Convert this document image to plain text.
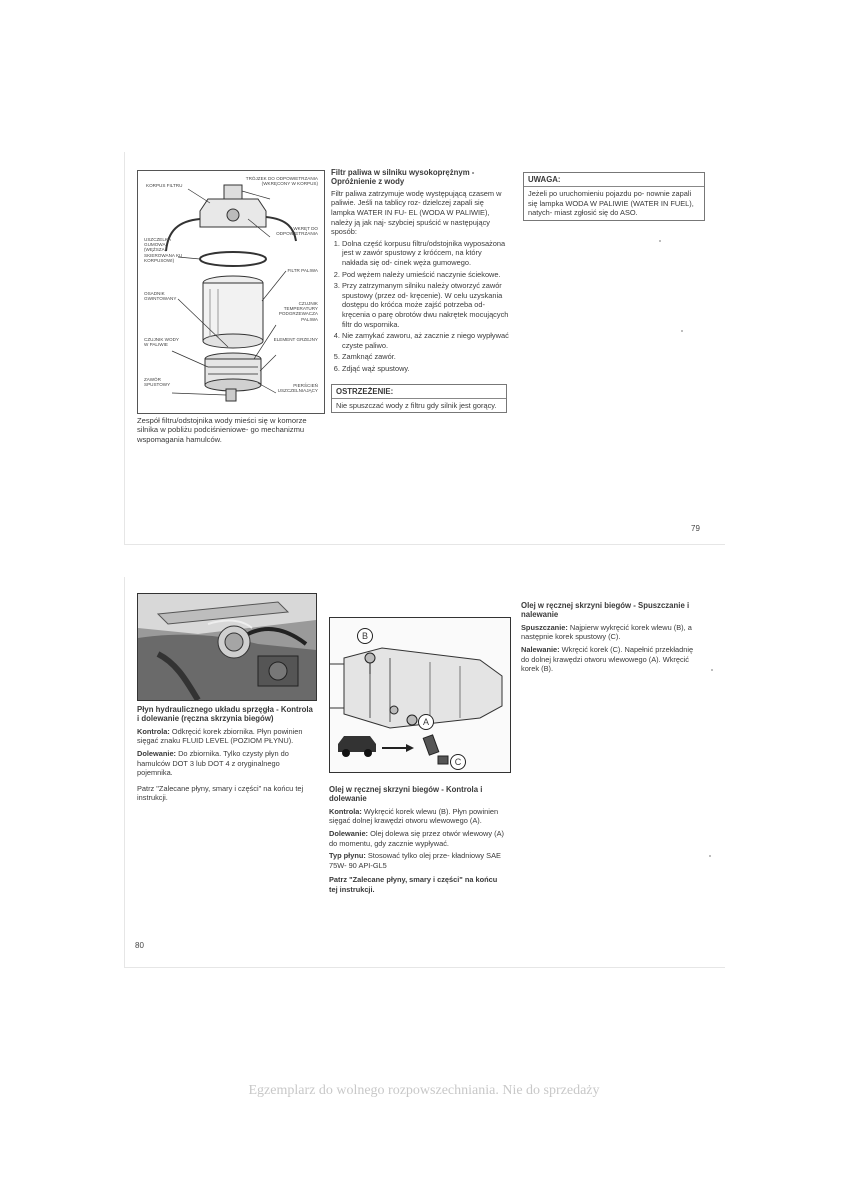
KORPUS FILTRU
TRÓJZEK DO ODPOWIETRZANIA (WKRĘCONY W KORPUS)
WKRĘT DO ODPOWIETRZANIA
USZCZELKA GUMOWA (WĘŻSZA, SKIEROWANA KU KORPUSOWI)
FILTR PALIWA
OSADNIK GWINTOWANY
CZUJNIK TEMPERATURY PODGRZEWACZA PALIWA
CZUJNIK WODY W PALIWIE
ELEMENT GRZEJNY
ZAWÓR SPUSTOWY	PIERŚCIEŃ USZCZELNIAJĄCY

Zespół filtru/odstojnika wody mieści się w komorze silnika w pobliżu podciśnieniowe- go mechanizmu wspomagania hamulców.

Filtr paliwa w silniku wysokoprężnym - Opróżnienie z wody

Filtr paliwa zatrzymuje wodę występującą czasem w paliwie. Jeśli na tablicy roz- dzielczej zapali się lampka WATER IN FU- EL (WODA W PALIWIE), należy ją jak naj- szybciej spuścić w następujący sposób:

1. Dolna część korpusu filtru/odstojnika wyposażona jest w zawór spustowy z króćcem, na który nakłada się od- cinek węża gumowego.
2. Pod wężem należy umieścić naczynie ściekowe.
3. Przy zatrzymanym silniku należy otworzyć zawór spustowy (przez od- kręcenie). W celu uzyskania dostępu do króćca może zajść potrzeba od- kręcenia o parę obrotów dwu nakrętek mocujących filtr do wspornika.
4. Nie zamykać zaworu, aż zacznie z niego wypływać czyste paliwo.
5. Zamknąć zawór.
6. Zdjąć wąż spustowy.
OSTRZEŻENIE:

Nie spuszczać wody z filtru gdy silnik jest gorący.

UWAGA:

Jeżeli po uruchomieniu pojazdu po- nownie zapali się lampka WODA W PALIWIE (WATER IN FUEL), natych- miast zgłosić się do ASO.

79

Płyn hydraulicznego układu sprzęgła - Kontrola i dolewanie (ręczna skrzynia biegów)

Kontrola: Odkręcić korek zbiornika. Płyn powinien sięgać znaku FLUID LEVEL (POZIOM PŁYNU).

Dolewanie: Do zbiornika. Tylko czysty płyn do hamulców DOT 3 lub DOT 4 z oryginalnego pojemnika.

Patrz "Zalecane płyny, smary i części" na końcu tej instrukcji.

B
A
C

Olej w ręcznej skrzyni biegów - Kontrola i dolewanie

Kontrola: Wykręcić korek wlewu (B). Płyn powinien sięgać dolnej krawędzi otworu wlewowego (A).

Dolewanie: Olej dolewa się przez otwór wlewowy (A) do momentu, gdy zacznie wypływać.

Typ płynu: Stosować tylko olej prze- kładniowy SAE 75W- 90 API-GL5

Patrz "Zalecane płyny, smary i części" na końcu tej instrukcji.

Olej w ręcznej skrzyni biegów - Spuszczanie i nalewanie

Spuszczanie: Najpierw wykręcić korek wlewu (B), a następnie korek spustowy (C).

Nalewanie: Wkręcić korek (C). Napełnić przekładnię do dolnej krawędzi otworu wlewowego (A). Wkręcić korek (B).

80
Egzemplarz do wolnego rozpowszechniania. Nie do sprzedaży
